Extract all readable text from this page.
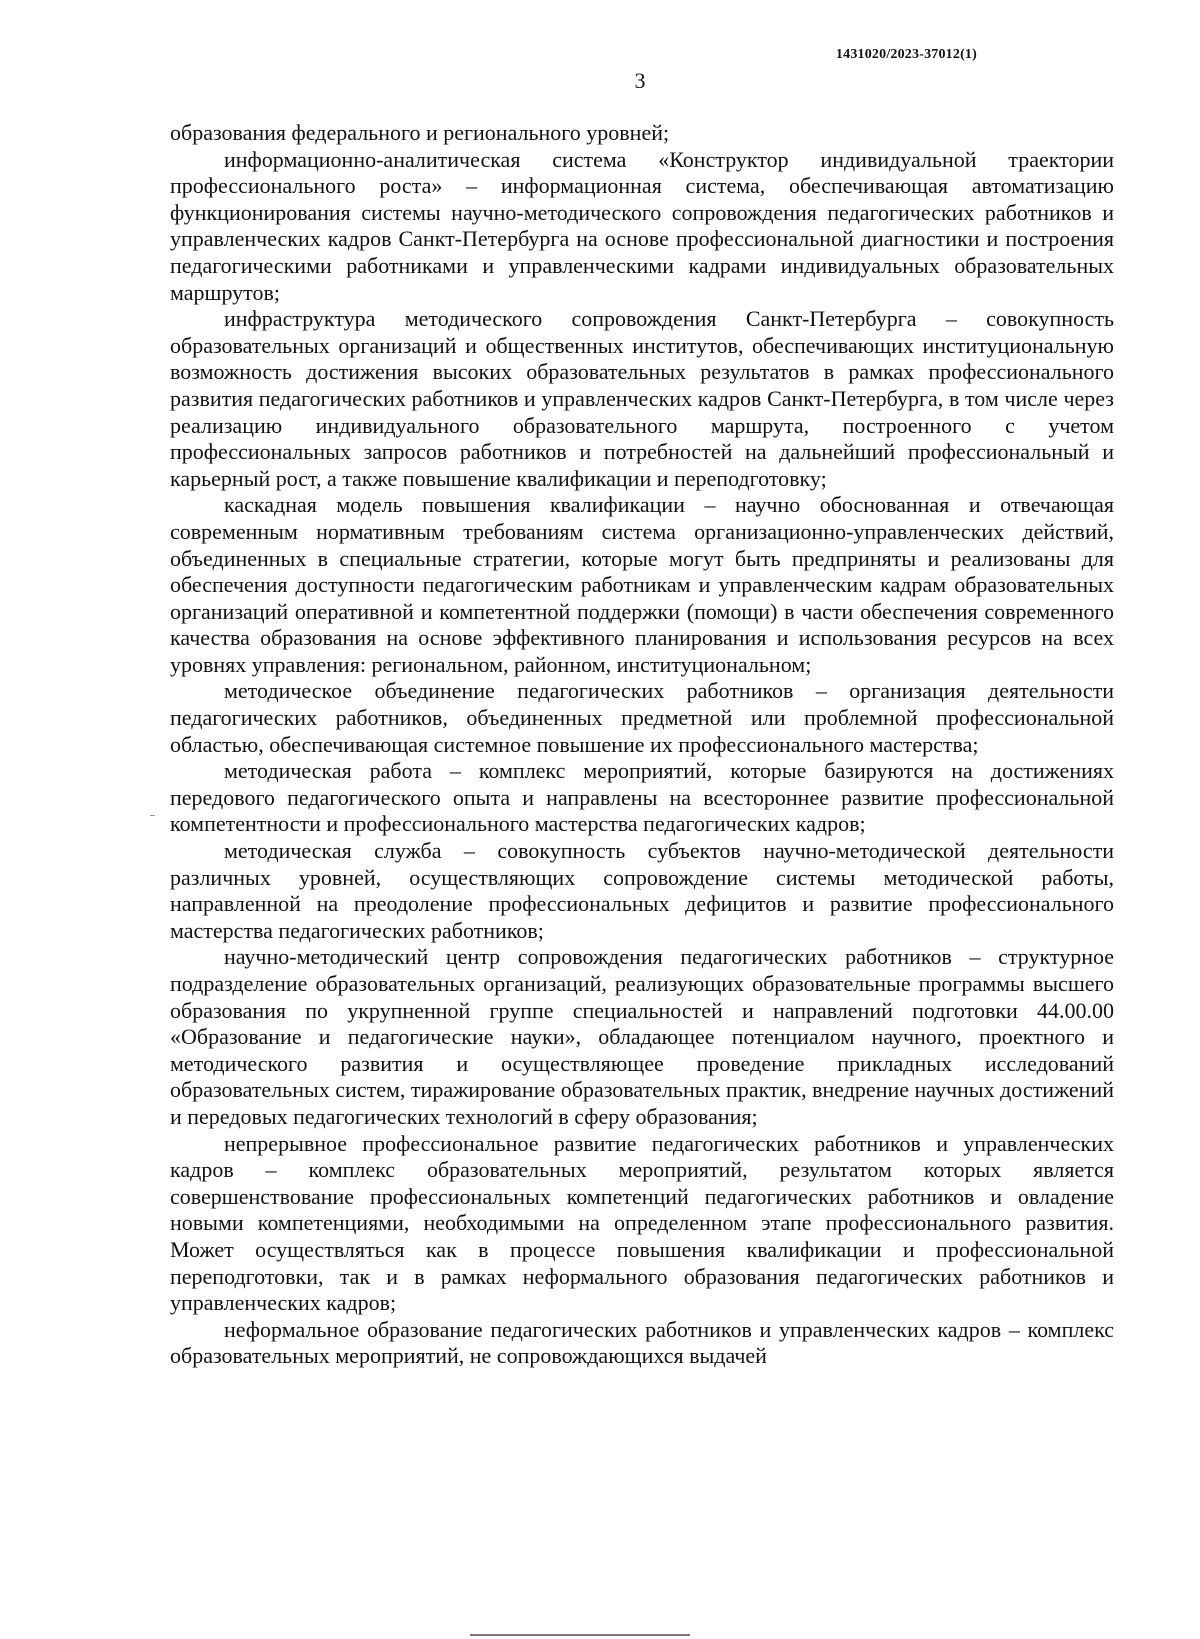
1431020/2023-37012(1)
3

образования федерального и регионального уровней;

информационно-аналитическая система «Конструктор индивидуальной траектории профессионального роста» – информационная система, обеспечивающая автоматизацию функционирования системы научно-методического сопровождения педагогических работников и управленческих кадров Санкт-Петербурга на основе профессиональной диагностики и построения педагогическими работниками и управленческими кадрами индивидуальных образовательных маршрутов;

инфраструктура методического сопровождения Санкт-Петербурга – совокупность образовательных организаций и общественных институтов, обеспечивающих институциональную возможность достижения высоких образовательных результатов в рамках профессионального развития педагогических работников и управленческих кадров Санкт-Петербурга, в том числе через реализацию индивидуального образовательного маршрута, построенного с учетом профессиональных запросов работников и потребностей на дальнейший профессиональный и карьерный рост, а также повышение квалификации и переподготовку;

каскадная модель повышения квалификации – научно обоснованная и отвечающая современным нормативным требованиям система организационно-управленческих действий, объединенных в специальные стратегии, которые могут быть предприняты и реализованы для обеспечения доступности педагогическим работникам и управленческим кадрам образовательных организаций оперативной и компетентной поддержки (помощи) в части обеспечения современного качества образования на основе эффективного планирования и использования ресурсов на всех уровнях управления: региональном, районном, институциональном;

методическое объединение педагогических работников – организация деятельности педагогических работников, объединенных предметной или проблемной профессиональной областью, обеспечивающая системное повышение их профессионального мастерства;

методическая работа – комплекс мероприятий, которые базируются на достижениях передового педагогического опыта и направлены на всестороннее развитие профессиональной компетентности и профессионального мастерства педагогических кадров;

методическая служба – совокупность субъектов научно-методической деятельности различных уровней, осуществляющих сопровождение системы методической работы, направленной на преодоление профессиональных дефицитов и развитие профессионального мастерства педагогических работников;

научно-методический центр сопровождения педагогических работников – структурное подразделение образовательных организаций, реализующих образовательные программы высшего образования по укрупненной группе специальностей и направлений подготовки 44.00.00 «Образование и педагогические науки», обладающее потенциалом научного, проектного и методического развития и осуществляющее проведение прикладных исследований образовательных систем, тиражирование образовательных практик, внедрение научных достижений и передовых педагогических технологий в сферу образования;

непрерывное профессиональное развитие педагогических работников и управленческих кадров – комплекс образовательных мероприятий, результатом которых является совершенствование профессиональных компетенций педагогических работников и овладение новыми компетенциями, необходимыми на определенном этапе профессионального развития. Может осуществляться как в процессе повышения квалификации и профессиональной переподготовки, так и в рамках неформального образования педагогических работников и управленческих кадров;

неформальное образование педагогических работников и управленческих кадров – комплекс образовательных мероприятий, не сопровождающихся выдачей
